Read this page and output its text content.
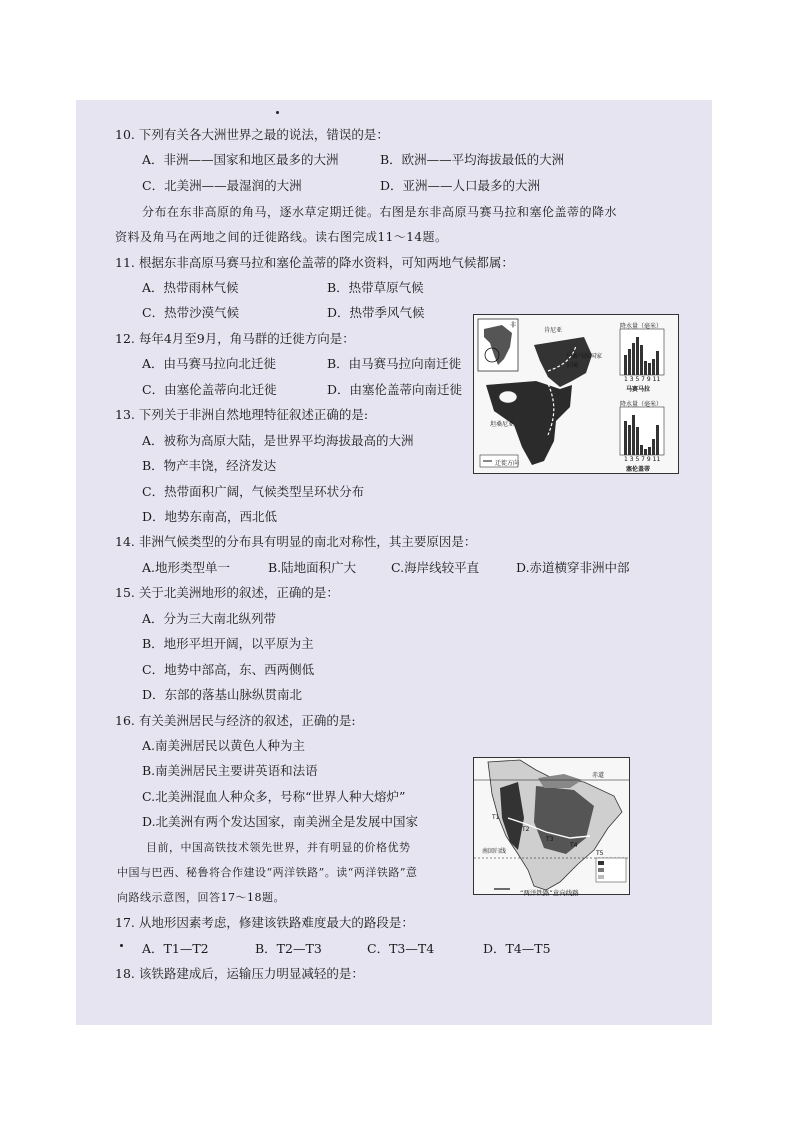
10. 下列有关各大洲世界之最的说法，错误的是：
A．非洲——国家和地区最多的大洲	B．欧洲——平均海拔最低的大洲
C．北美洲——最湿润的大洲	D．亚洲——人口最多的大洲
分布在东非高原的角马，逐水草定期迁徙。右图是东非高原马赛马拉和塞伦盖蒂的降水
资料及角马在两地之间的迁徙路线。读右图完成11～14题。
11. 根据东非高原马赛马拉和塞伦盖蒂的降水资料，可知两地气候都属：
A．热带雨林气候	B．热带草原气候
C．热带沙漠气候	D．热带季风气候
12. 每年4月至9月，角马群的迁徙方向是：
A．由马赛马拉向北迁徙	B．由马赛马拉向南迁徙
C．由塞伦盖蒂向北迁徙	D．由塞伦盖蒂向南迁徙
13. 下列关于非洲自然地理特征叙述正确的是:
A．被称为高原大陆，是世界平均海拔最高的大洲
B．物产丰饶，经济发达
C．热带面积广阔，气候类型呈环状分布
D．地势东南高，西北低
14. 非洲气候类型的分布具有明显的南北对称性，其主要原因是：
A.地形类型单一	B.陆地面积广大	C.海岸线较平直	D.赤道横穿非洲中部
15. 关于北美洲地形的叙述，正确的是：
A．分为三大南北纵列带
B．地形平坦开阔，以平原为主
C．地势中部高，东、西两侧低
D．东部的落基山脉纵贯南北
16. 有关美洲居民与经济的叙述，正确的是:
A.南美洲居民以黄色人种为主
B.南美洲居民主要讲英语和法语
C.北美洲混血人种众多，号称“世界人种大熔炉”
D.北美洲有两个发达国家，南美洲全是发展中国家
目前，中国高铁技术领先世界，并有明显的价格优势
中国与巴西、秘鲁将合作建设“两洋铁路”。读“两洋铁路”意
向路线示意图，回答17～18题。
17. 从地形因素考虑，修建该铁路难度最大的路段是：
A．T1—T2	B．T2—T3	C．T3—T4	D．T4—T5
18. 该铁路建成后，运输压力明显减轻的是：
非
肯尼亚
马赛马拉国家公园
坦桑尼亚
迁徙方向
降水量（毫米）
1 3 5 7 9 11
马赛马拉
降水量（毫米）
1 3 5 7 9 11
塞伦盖蒂
赤道
南回归线
T1
T2
T3
T4
T5
“两洋铁路”意向线路
